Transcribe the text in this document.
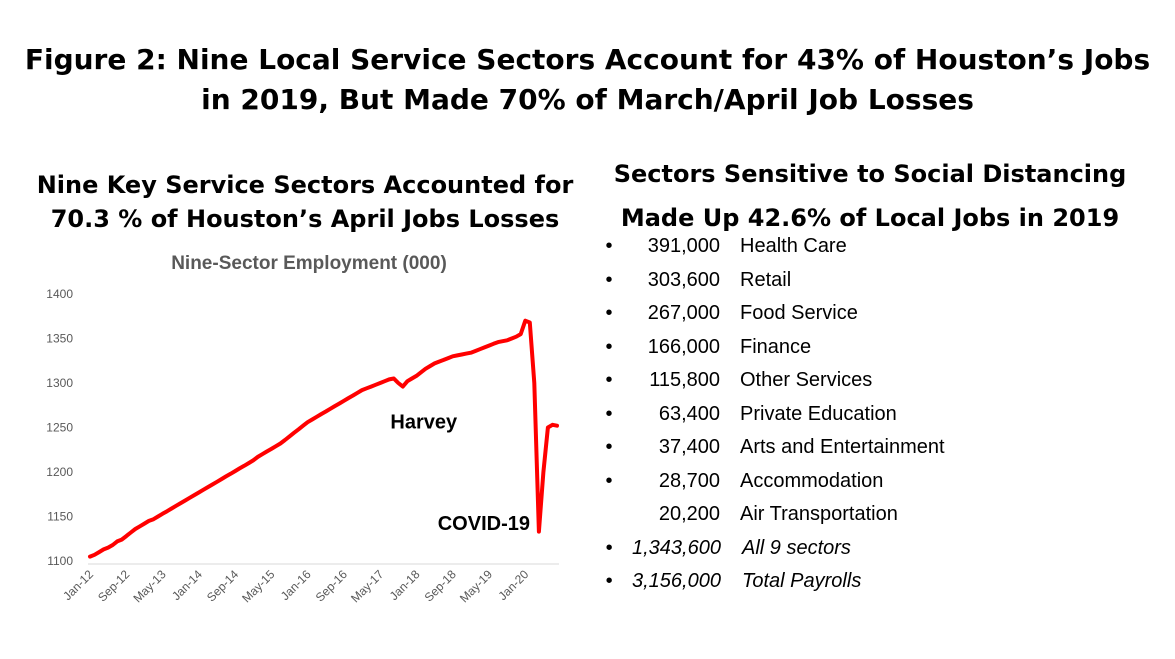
Figure 2: Nine Local Service Sectors Account for 43% of Houston’s Jobs
in 2019, But Made 70% of March/April Job Losses
Nine Key Service Sectors Accounted for
70.3 % of Houston’s April Jobs Losses
Sectors Sensitive to Social Distancing
Made Up 42.6% of Local Jobs in 2019
•	391,000 Health Care
•	303,600 Retail
•	267,000 Food Service
•	166,000 Finance
•	115,800 Other Services
•	63,400 Private Education
•	37,400 Arts and Entertainment
•	28,700 Accommodation
20,200 Air Transportation
• 1,343,600 All 9 sectors
• 3,156,000 Total Payrolls
Nine-Sector Employment (000)
1100
1150
1200
1250
1300
1350
1400
Jan-12 Sep-12
May-13 Jan-14 Sep-14
May-15 Jan-16 Sep-16
May-17 Jan-18 Sep-18
May-19 Jan-20
Harvey
COVID-19
